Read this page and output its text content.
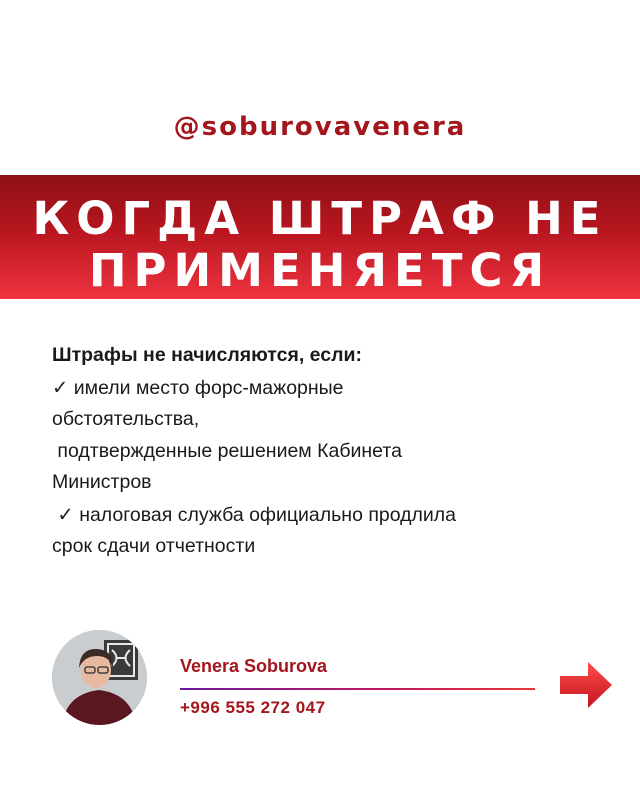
@soburovavenera
КОГДА ШТРАФ НЕ
ПРИМЕНЯЕТСЯ
Штрафы не начисляются, если:
✓ имели место форс-мажорные
обстоятельства,
подтвержденные решением Кабинета
Министров
✓ налоговая служба официально продлила
срок сдачи отчетности
Venera Soburova
+996 555 272 047
